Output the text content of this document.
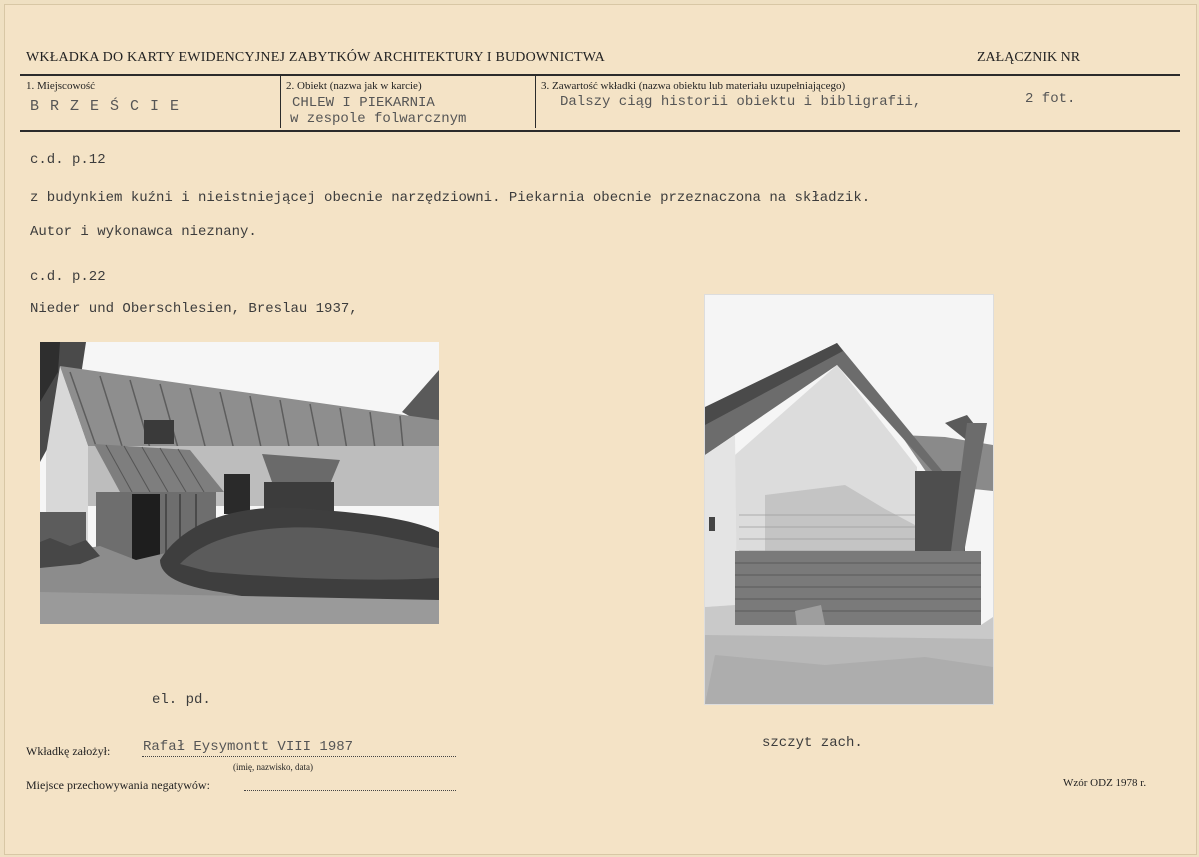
WKŁADKA DO KARTY EWIDENCYJNEJ ZABYTKÓW ARCHITEKTURY I BUDOWNICTWA	ZAŁĄCZNIK NR
1. Miejscowość
B R Z E Ś C I E
2. Obiekt (nazwa jak w karcie)
CHLEW I PIEKARNIA
w zespole folwarcznym
3. Zawartość wkładki (nazwa obiektu lub materiału uzupełniającego)
Dalszy ciąg historii obiektu i bibligrafii,	2 fot.
c.d. p.12
z budynkiem kuźni i nieistniejącej obecnie narzędziowni. Piekarnia obecnie przeznaczona na składzik.
Autor i wykonawca nieznany.
c.d. p.22
Nieder und Oberschlesien, Breslau 1937,
el. pd.
szczyt zach.
Wkładkę założył: Rafał Eysymontt VIII 1987
(imię, nazwisko, data)
Miejsce przechowywania negatywów:	Wzór ODZ 1978 r.
